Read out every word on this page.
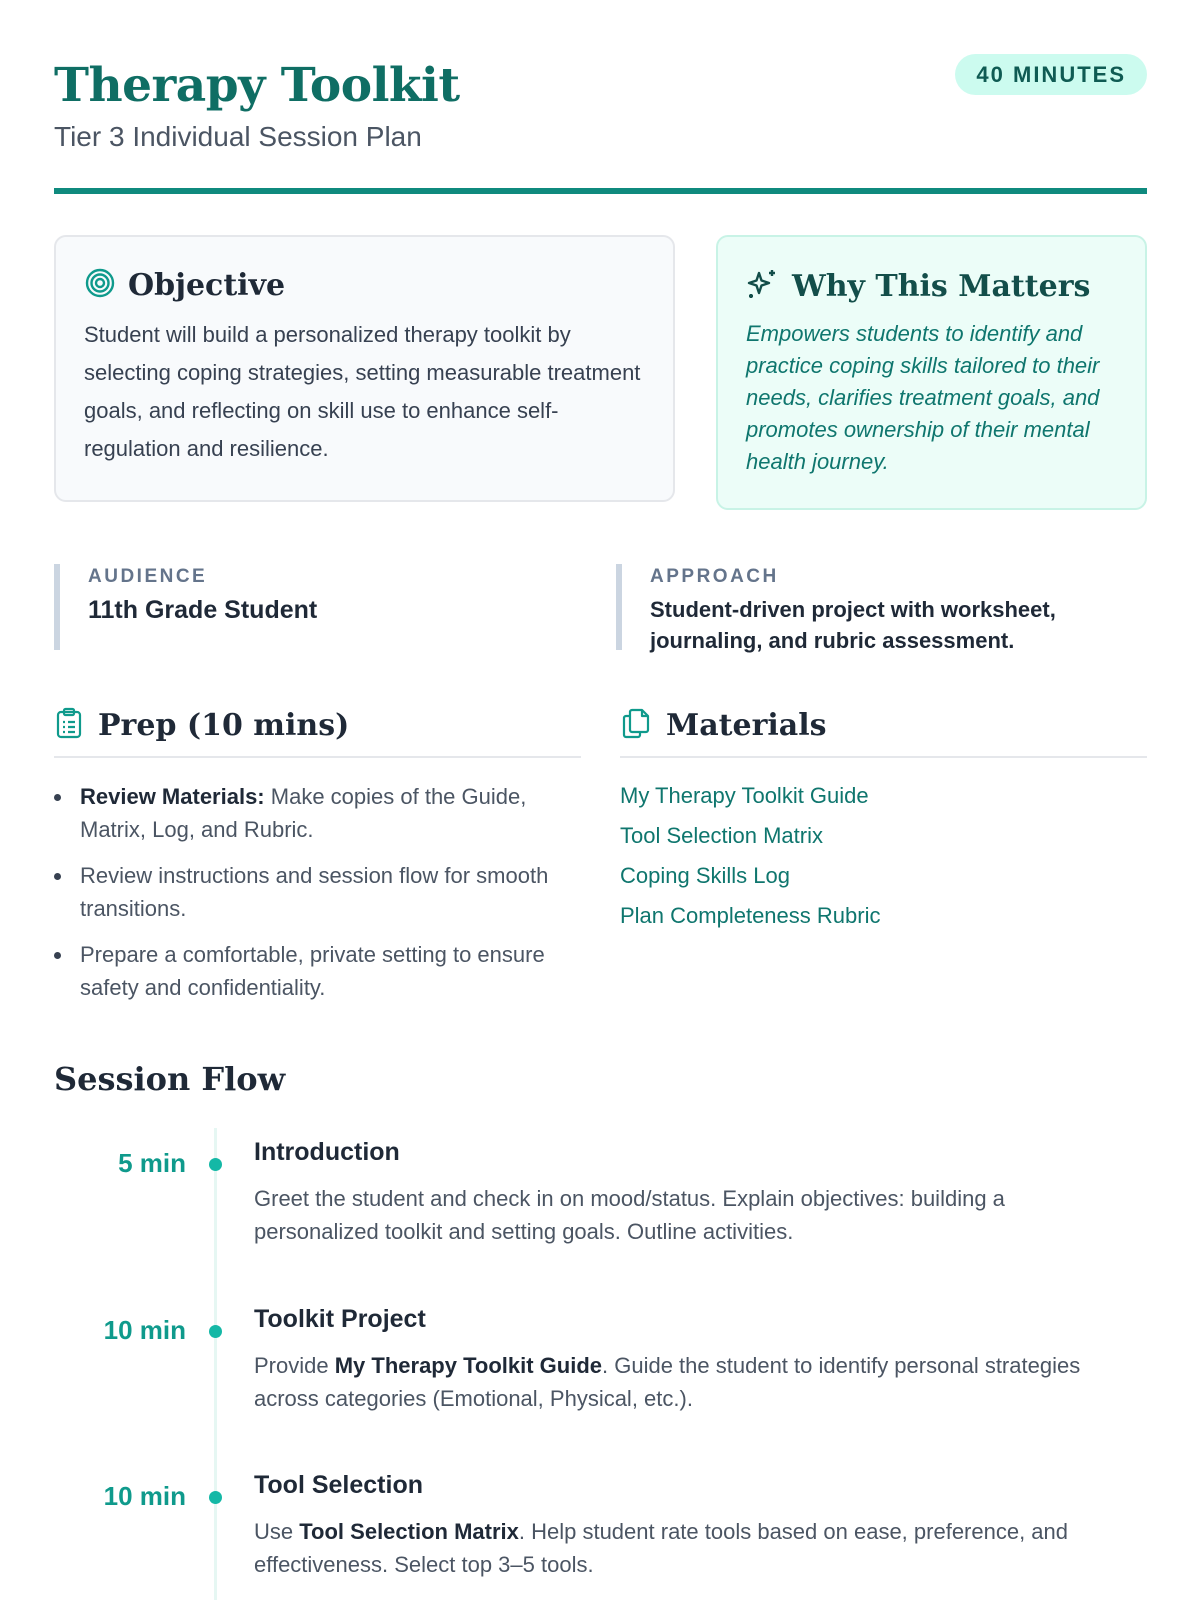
Therapy Toolkit
Tier 3 Individual Session Plan
40 MINUTES
Objective

Student will build a personalized therapy toolkit by selecting coping strategies, setting measurable treatment goals, and reflecting on skill use to enhance self-regulation and resilience.

Why This Matters

Empowers students to identify and practice coping skills tailored to their needs, clarifies treatment goals, and promotes ownership of their mental health journey.

AUDIENCE
11th Grade Student
APPROACH
Student-driven project with worksheet, journaling, and rubric assessment.
Prep (10 mins)
Review Materials: Make copies of the Guide, Matrix, Log, and Rubric.
Review instructions and session flow for smooth transitions.
Prepare a comfortable, private setting to ensure safety and confidentiality.
Materials
My Therapy Toolkit Guide
Tool Selection Matrix
Coping Skills Log
Plan Completeness Rubric
Session Flow
5 min	Introduction
Greet the student and check in on mood/status. Explain objectives: building a personalized toolkit and setting goals. Outline activities.
10 min	Toolkit Project
Provide My Therapy Toolkit Guide. Guide the student to identify personal strategies across categories (Emotional, Physical, etc.).
10 min	Tool Selection
Use Tool Selection Matrix. Help student rate tools based on ease, preference, and effectiveness. Select top 3–5 tools.
